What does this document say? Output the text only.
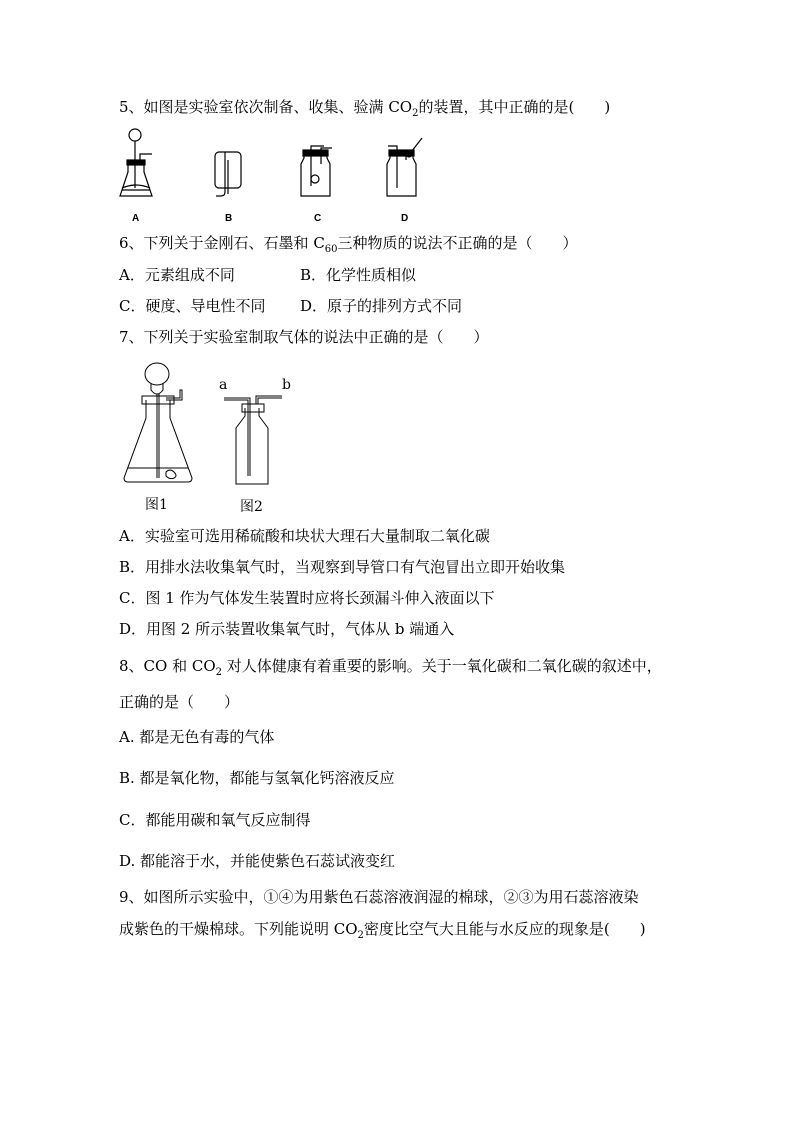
5、如图是实验室依次制备、收集、验满 $CO_2$的装置，其中正确的是(　　)
A	B	C	D
6、下列关于金刚石、石墨和 $C_{60}$三种物质的说法不正确的是（　　）
A．元素组成不同	B．化学性质相似
C．硬度、导电性不同 D．原子的排列方式不同
7、下列关于实验室制取气体的说法中正确的是（　　）
a	b
图1	图2
A．实验室可选用稀硫酸和块状大理石大量制取二氧化碳
B．用排水法收集氧气时，当观察到导管口有气泡冒出立即开始收集
C．图 1 作为气体发生装置时应将长颈漏斗伸入液面以下
D．用图 2 所示装置收集氧气时，气体从 b 端通入
8、CO 和 $CO_2$ 对人体健康有着重要的影响。关于一氧化碳和二氧化碳的叙述中，
正确的是（　　）
A. 都是无色有毒的气体
B. 都是氧化物，都能与氢氧化钙溶液反应
C．都能用碳和氧气反应制得
D. 都能溶于水，并能使紫色石蕊试液变红
9、如图所示实验中，①④为用紫色石蕊溶液润湿的棉球，②③为用石蕊溶液染
成紫色的干燥棉球。下列能说明 $CO_2$密度比空气大且能与水反应的现象是(　　)
